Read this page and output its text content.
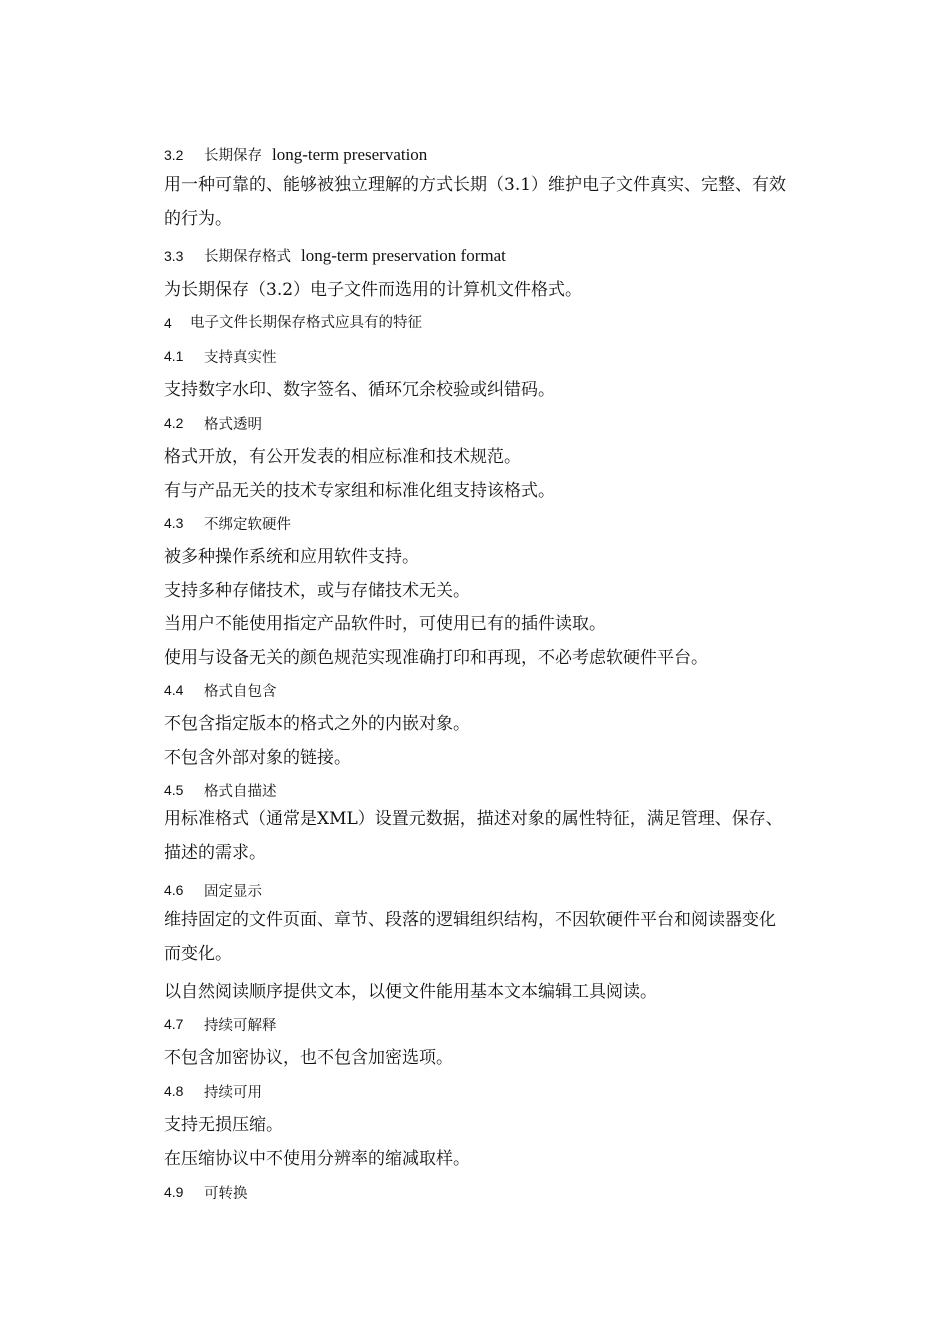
3.2 长期保存 long-term preservation
用一种可靠的、能够被独立理解的方式长期（3.1）维护电子文件真实、完整、有效的行为。
3.3 长期保存格式 long-term preservation format
为长期保存（3.2）电子文件而选用的计算机文件格式。
4 电子文件长期保存格式应具有的特征
4.1 支持真实性
支持数字水印、数字签名、循环冗余校验或纠错码。
4.2 格式透明
格式开放，有公开发表的相应标准和技术规范。
有与产品无关的技术专家组和标准化组支持该格式。
4.3 不绑定软硬件
被多种操作系统和应用软件支持。
支持多种存储技术，或与存储技术无关。
当用户不能使用指定产品软件时，可使用已有的插件读取。
使用与设备无关的颜色规范实现准确打印和再现，不必考虑软硬件平台。
4.4 格式自包含
不包含指定版本的格式之外的内嵌对象。
不包含外部对象的链接。
4.5 格式自描述
用标准格式（通常是XML）设置元数据，描述对象的属性特征，满足管理、保存、描述的需求。
4.6 固定显示
维持固定的文件页面、章节、段落的逻辑组织结构，不因软硬件平台和阅读器变化而变化。
以自然阅读顺序提供文本，以便文件能用基本文本编辑工具阅读。
4.7 持续可解释
不包含加密协议，也不包含加密选项。
4.8 持续可用
支持无损压缩。
在压缩协议中不使用分辨率的缩减取样。
4.9 可转换
